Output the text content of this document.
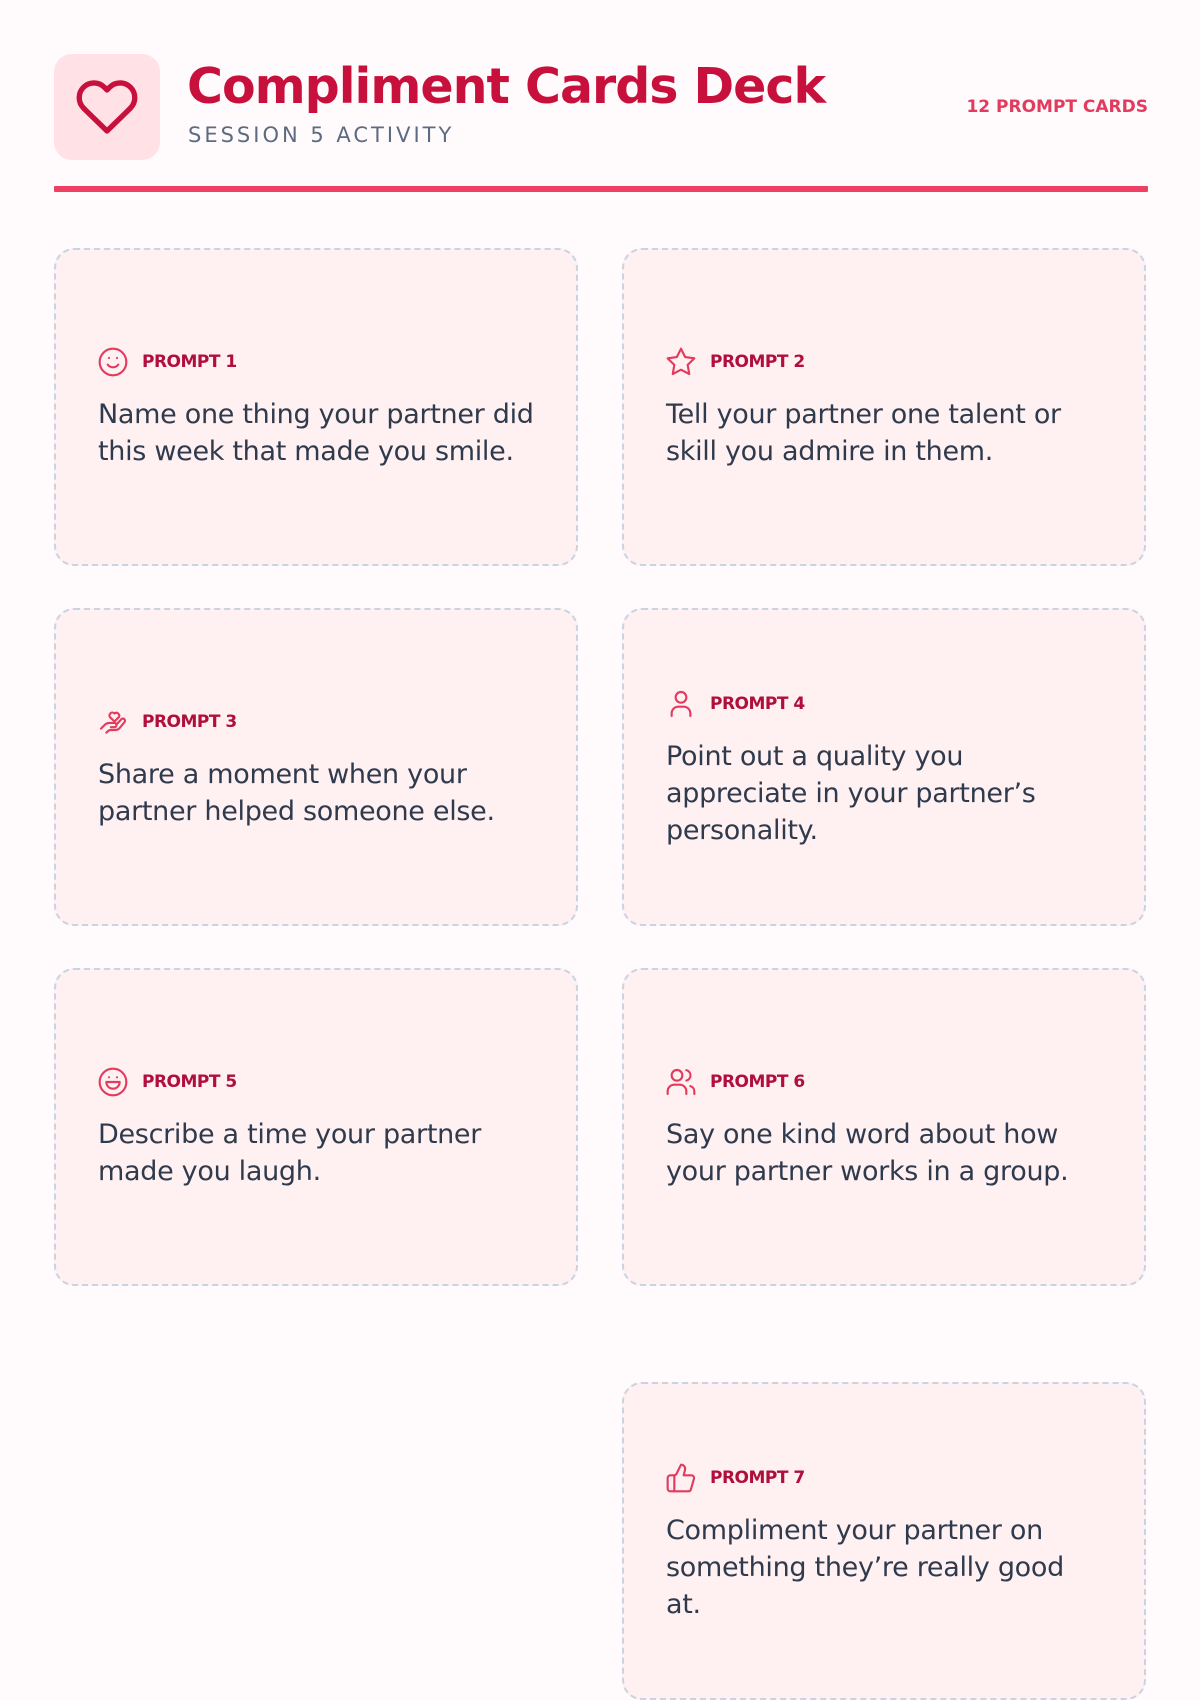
Compliment Cards Deck
SESSION 5 ACTIVITY
12 PROMPT CARDS
PROMPT 1
Name one thing your partner did this week that made you smile.
PROMPT 2
Tell your partner one talent or skill you admire in them.
PROMPT 3
Share a moment when your partner helped someone else.
PROMPT 4
Point out a quality you appreciate in your partner’s personality.
PROMPT 5
Describe a time your partner made you laugh.
PROMPT 6
Say one kind word about how your partner works in a group.
PROMPT 7
Compliment your partner on something they’re really good at.
